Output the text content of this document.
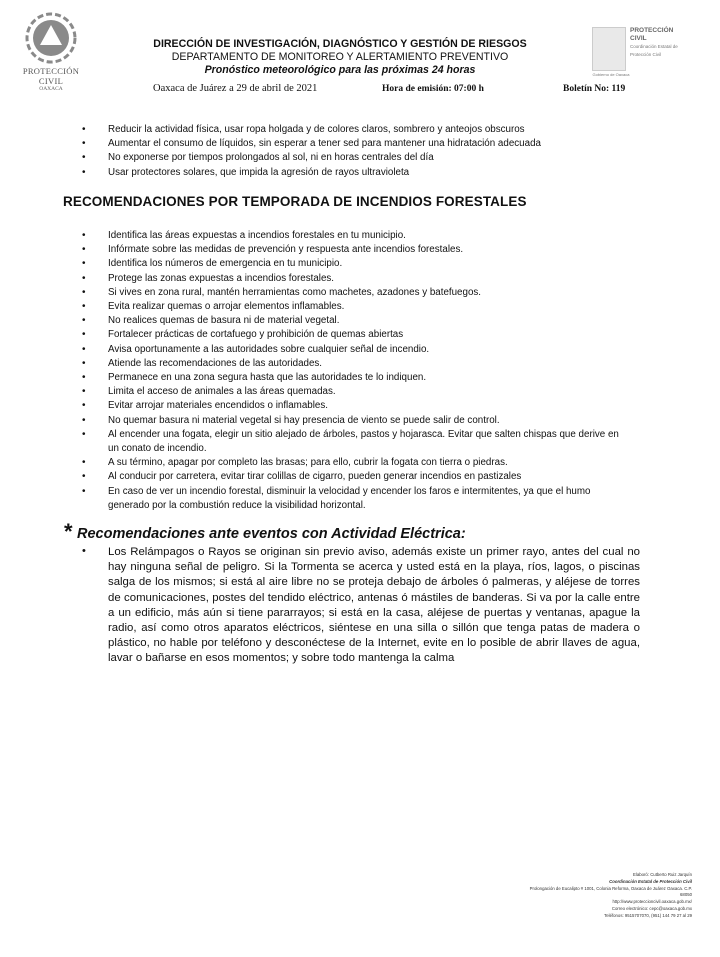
PROTECCIÓN CIVIL
OAXACA
DIRECCIÓN DE INVESTIGACIÓN, DIAGNÓSTICO Y GESTIÓN DE RIESGOS
DEPARTAMENTO DE MONITOREO Y ALERTAMIENTO PREVENTIVO
Pronóstico meteorológico para las próximas 24 horas	Gobierno de Oaxaca
PROTECCIÓN CIVIL
Coordinación Estatal de Protección Civil
Oaxaca de Juárez a 29 de abril de 2021	Hora de emisión: 07:00 h	Boletín No: 119
• Reducir la actividad física, usar ropa holgada y de colores claros, sombrero y anteojos obscuros
• Aumentar el consumo de líquidos, sin esperar a tener sed para mantener una hidratación adecuada
• No exponerse por tiempos prolongados al sol, ni en horas centrales del día
• Usar protectores solares, que impida la agresión de rayos ultravioleta
RECOMENDACIONES POR TEMPORADA DE INCENDIOS FORESTALES
• Identifica las áreas expuestas a incendios forestales en tu municipio.
• Infórmate sobre las medidas de prevención y respuesta ante incendios forestales.
• Identifica los números de emergencia en tu municipio.
• Protege las zonas expuestas a incendios forestales.
• Si vives en zona rural, mantén herramientas como machetes, azadones y batefuegos.
• Evita realizar quemas o arrojar elementos inflamables.
• No realices quemas de basura ni de material vegetal.
• Fortalecer prácticas de cortafuego y prohibición de quemas abiertas
• Avisa oportunamente a las autoridades sobre cualquier señal de incendio.
• Atiende las recomendaciones de las autoridades.
• Permanece en una zona segura hasta que las autoridades te lo indiquen.
• Limita el acceso de animales a las áreas quemadas.
• Evitar arrojar materiales encendidos o inflamables.
• No quemar basura ni material vegetal si hay presencia de viento se puede salir de control.
• Al encender una fogata, elegir un sitio alejado de árboles, pastos y hojarasca. Evitar que salten chispas que derive en un conato de incendio.
• A su término, apagar por completo las brasas; para ello, cubrir la fogata con tierra o piedras.
• Al conducir por carretera, evitar tirar colillas de cigarro, pueden generar incendios en pastizales
• En caso de ver un incendio forestal, disminuir la velocidad y encender los faros e intermitentes, ya que el humo generado por la combustión reduce la visibilidad horizontal.
* Recomendaciones ante eventos con Actividad Eléctrica:
• Los Relámpagos o Rayos se originan sin previo aviso, además existe un primer rayo, antes del cual no hay ninguna señal de peligro. Si la Tormenta se acerca y usted está en la playa, ríos, lagos, o piscinas salga de los mismos; si está al aire libre no se proteja debajo de árboles ó palmeras, y aléjese de torres de comunicaciones, postes del tendido eléctrico, antenas ó mástiles de banderas. Si va por la calle entre a un edificio, más aún si tiene pararrayos; si está en la casa, aléjese de puertas y ventanas, apague la radio, así como otros aparatos eléctricos, siéntese en una silla o sillón que tenga patas de madera o plástico, no hable por teléfono y desconéctese de la Internet, evite en lo posible de abrir llaves de agua, lavar o bañarse en esos momentos; y sobre todo mantenga la calma
Elaboró: Cutberto Ruiz Jarquín
Coordinación Estatal de Protección Civil
Prolongación de Eucalipto # 1001, Colonia Reforma, Oaxaca de Juárez Oaxaca. C.P. 68050
http://www.proteccioncivil.oaxaca.gob.mx/
Correo electrónico: cepc@oaxaca.gob.mx
Teléfonos: 9515707070, (951) 144 79 27 al 29
